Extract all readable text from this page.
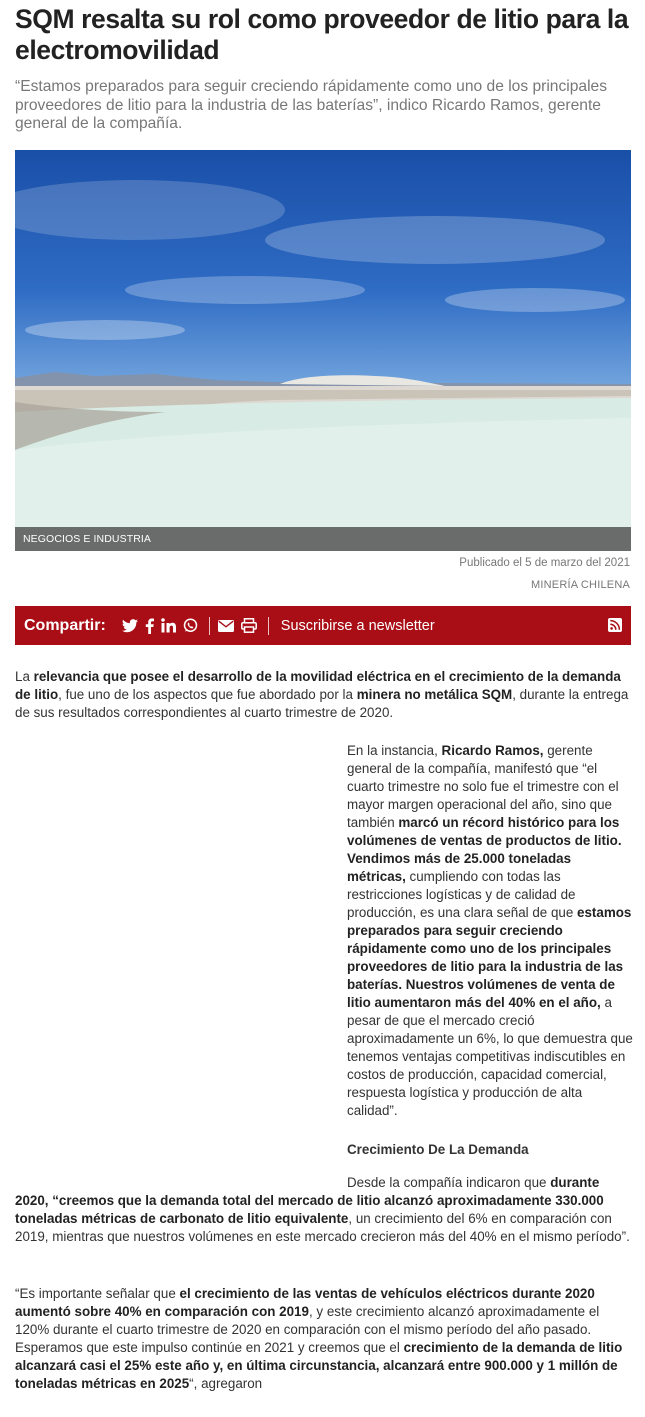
SQM resalta su rol como proveedor de litio para la electromovilidad

“Estamos preparados para seguir creciendo rápidamente como uno de los principales proveedores de litio para la industria de las baterías”, indico Ricardo Ramos, gerente general de la compañía.

NEGOCIOS E INDUSTRIA
Publicado el 5 de marzo del 2021
MINERÍA CHILENA
Compartir:	Suscribirse a newsletter

La relevancia que posee el desarrollo de la movilidad eléctrica en el crecimiento de la demanda de litio, fue uno de los aspectos que fue abordado por la minera no metálica SQM, durante la entrega de sus resultados correspondientes al cuarto trimestre de 2020.

En la instancia, Ricardo Ramos, gerente general de la compañía, manifestó que “el cuarto trimestre no solo fue el trimestre con el mayor margen operacional del año, sino que también marcó un récord histórico para los volúmenes de ventas de productos de litio. Vendimos más de 25.000 toneladas métricas, cumpliendo con todas las restricciones logísticas y de calidad de producción, es una clara señal de que estamos preparados para seguir creciendo rápidamente como uno de los principales proveedores de litio para la industria de las baterías. Nuestros volúmenes de venta de litio aumentaron más del 40% en el año, a pesar de que el mercado creció aproximadamente un 6%, lo que demuestra que tenemos ventajas competitivas indiscutibles en costos de producción, capacidad comercial, respuesta logística y producción de alta calidad”.

Crecimiento De La Demanda

Desde la compañía indicaron que durante 2020, “creemos que la demanda total del mercado de litio alcanzó aproximadamente 330.000 toneladas métricas de carbonato de litio equivalente, un crecimiento del 6% en comparación con 2019, mientras que nuestros volúmenes en este mercado crecieron más del 40% en el mismo período”.

“Es importante señalar que el crecimiento de las ventas de vehículos eléctricos durante 2020 aumentó sobre 40% en comparación con 2019, y este crecimiento alcanzó aproximadamente el 120% durante el cuarto trimestre de 2020 en comparación con el mismo período del año pasado. Esperamos que este impulso continúe en 2021 y creemos que el crecimiento de la demanda de litio alcanzará casi el 25% este año y, en última circunstancia, alcanzará entre 900.000 y 1 millón de toneladas métricas en 2025“, agregaron
